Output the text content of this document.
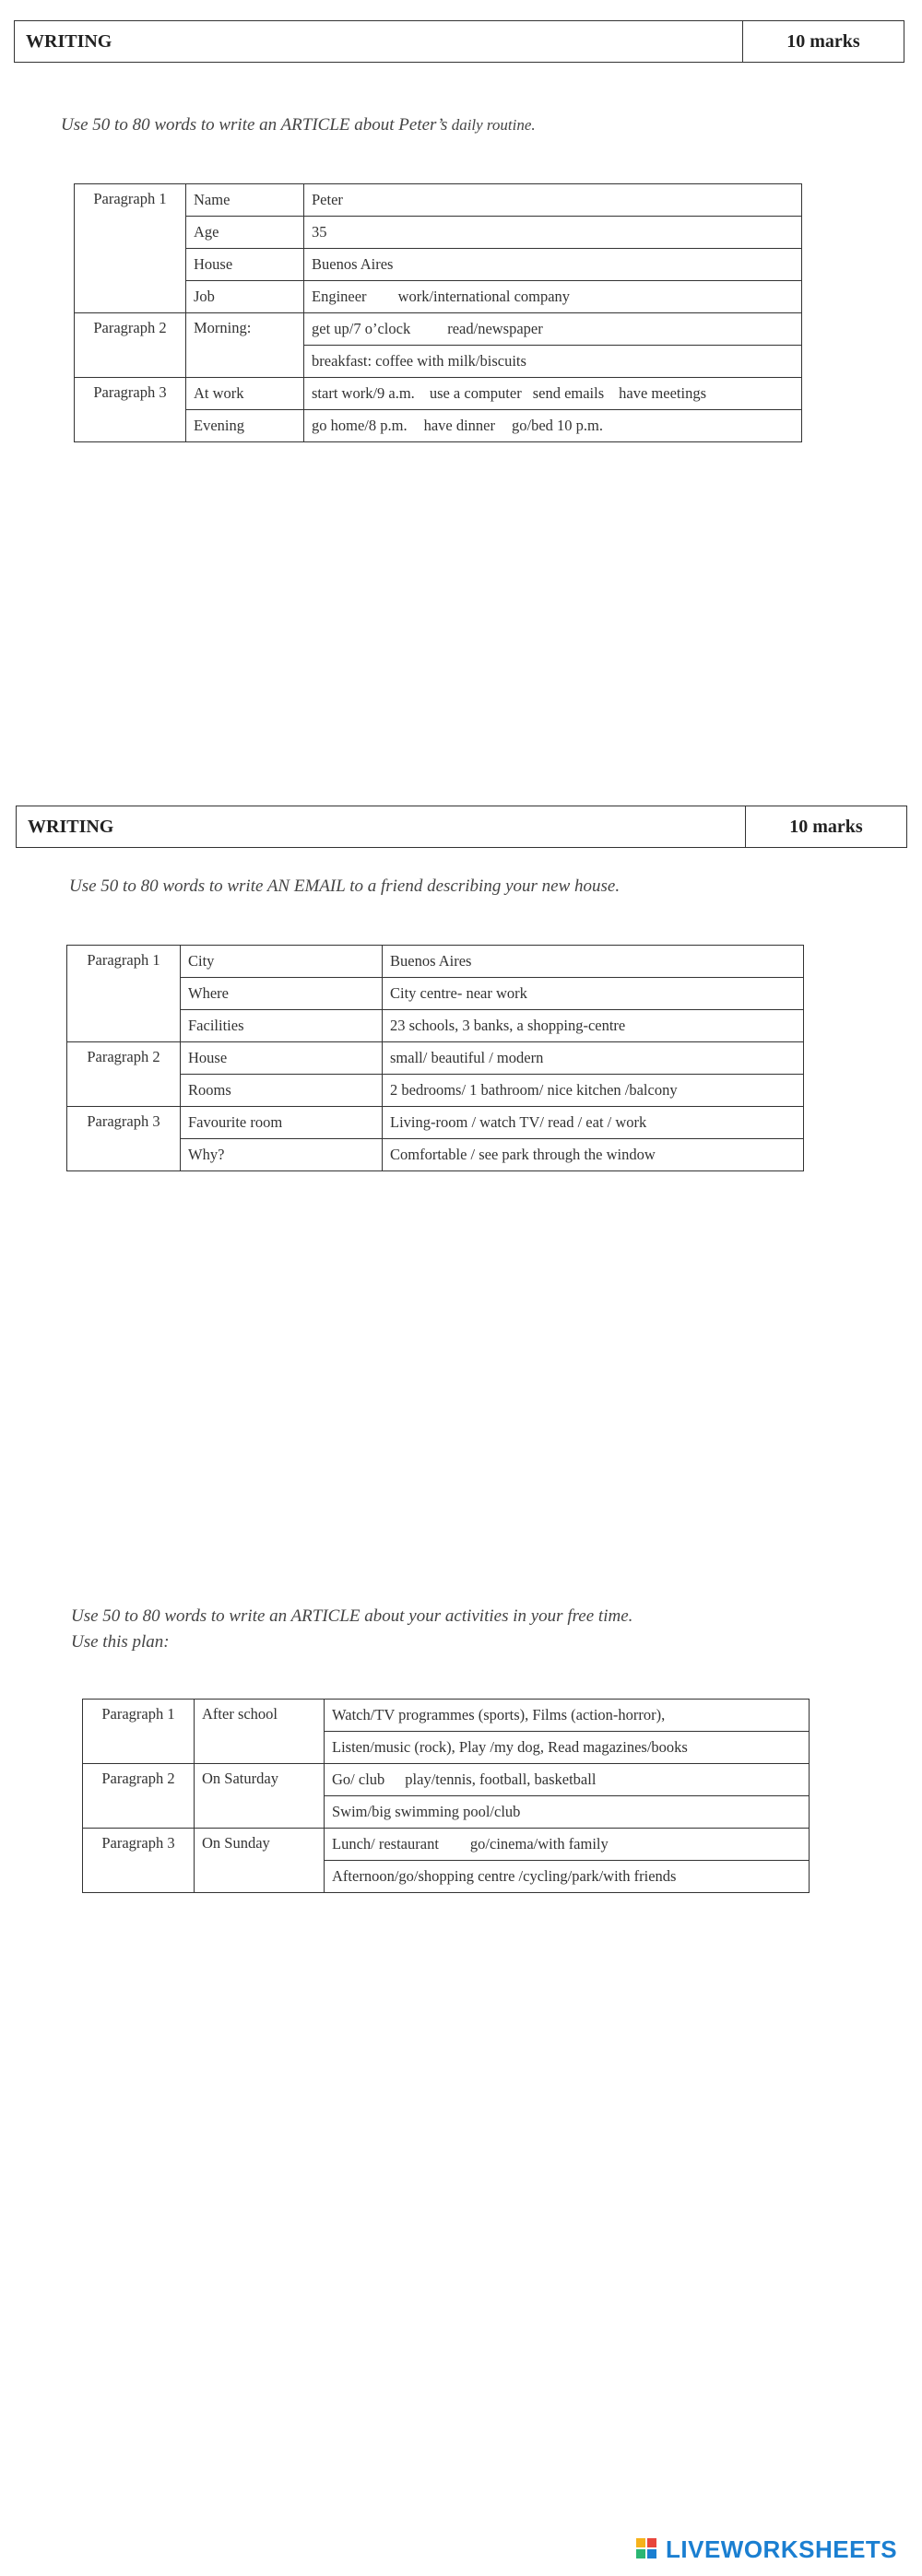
WRITING	10 marks
Use 50 to 80 words to write an ARTICLE about Peter’s daily routine.
Paragraph 1	Name	Peter
	Age	35
	House	Buenos Aires
	Job	Engineer work/international company
Paragraph 2	Morning:	get up/7 o’clock read/newspaper
		breakfast: coffee with milk/biscuits
Paragraph 3	At work	start work/9 a.m. use a computer send emails have meetings
	Evening	go home/8 p.m. have dinner go/bed 10 p.m.
WRITING	10 marks
Use 50 to 80 words to write AN EMAIL to a friend describing your new house.
Paragraph 1	City	Buenos Aires
	Where	City centre- near work
	Facilities	23 schools, 3 banks, a shopping-centre
Paragraph 2	House	small/ beautiful / modern
	Rooms	2 bedrooms/ 1 bathroom/ nice kitchen /balcony
Paragraph 3	Favourite room	Living-room / watch TV/ read / eat / work
	Why?	Comfortable / see park through the window
Use 50 to 80 words to write an ARTICLE about your activities in your free time.
Use this plan:
Paragraph 1	After school	Watch/TV programmes (sports), Films (action-horror),
		Listen/music (rock), Play /my dog, Read magazines/books
Paragraph 2	On Saturday	Go/ club play/tennis, football, basketball
		Swim/big swimming pool/club
Paragraph 3	On Sunday	Lunch/ restaurant go/cinema/with family
		Afternoon/go/shopping centre /cycling/park/with friends
LIVEWORKSHEETS
